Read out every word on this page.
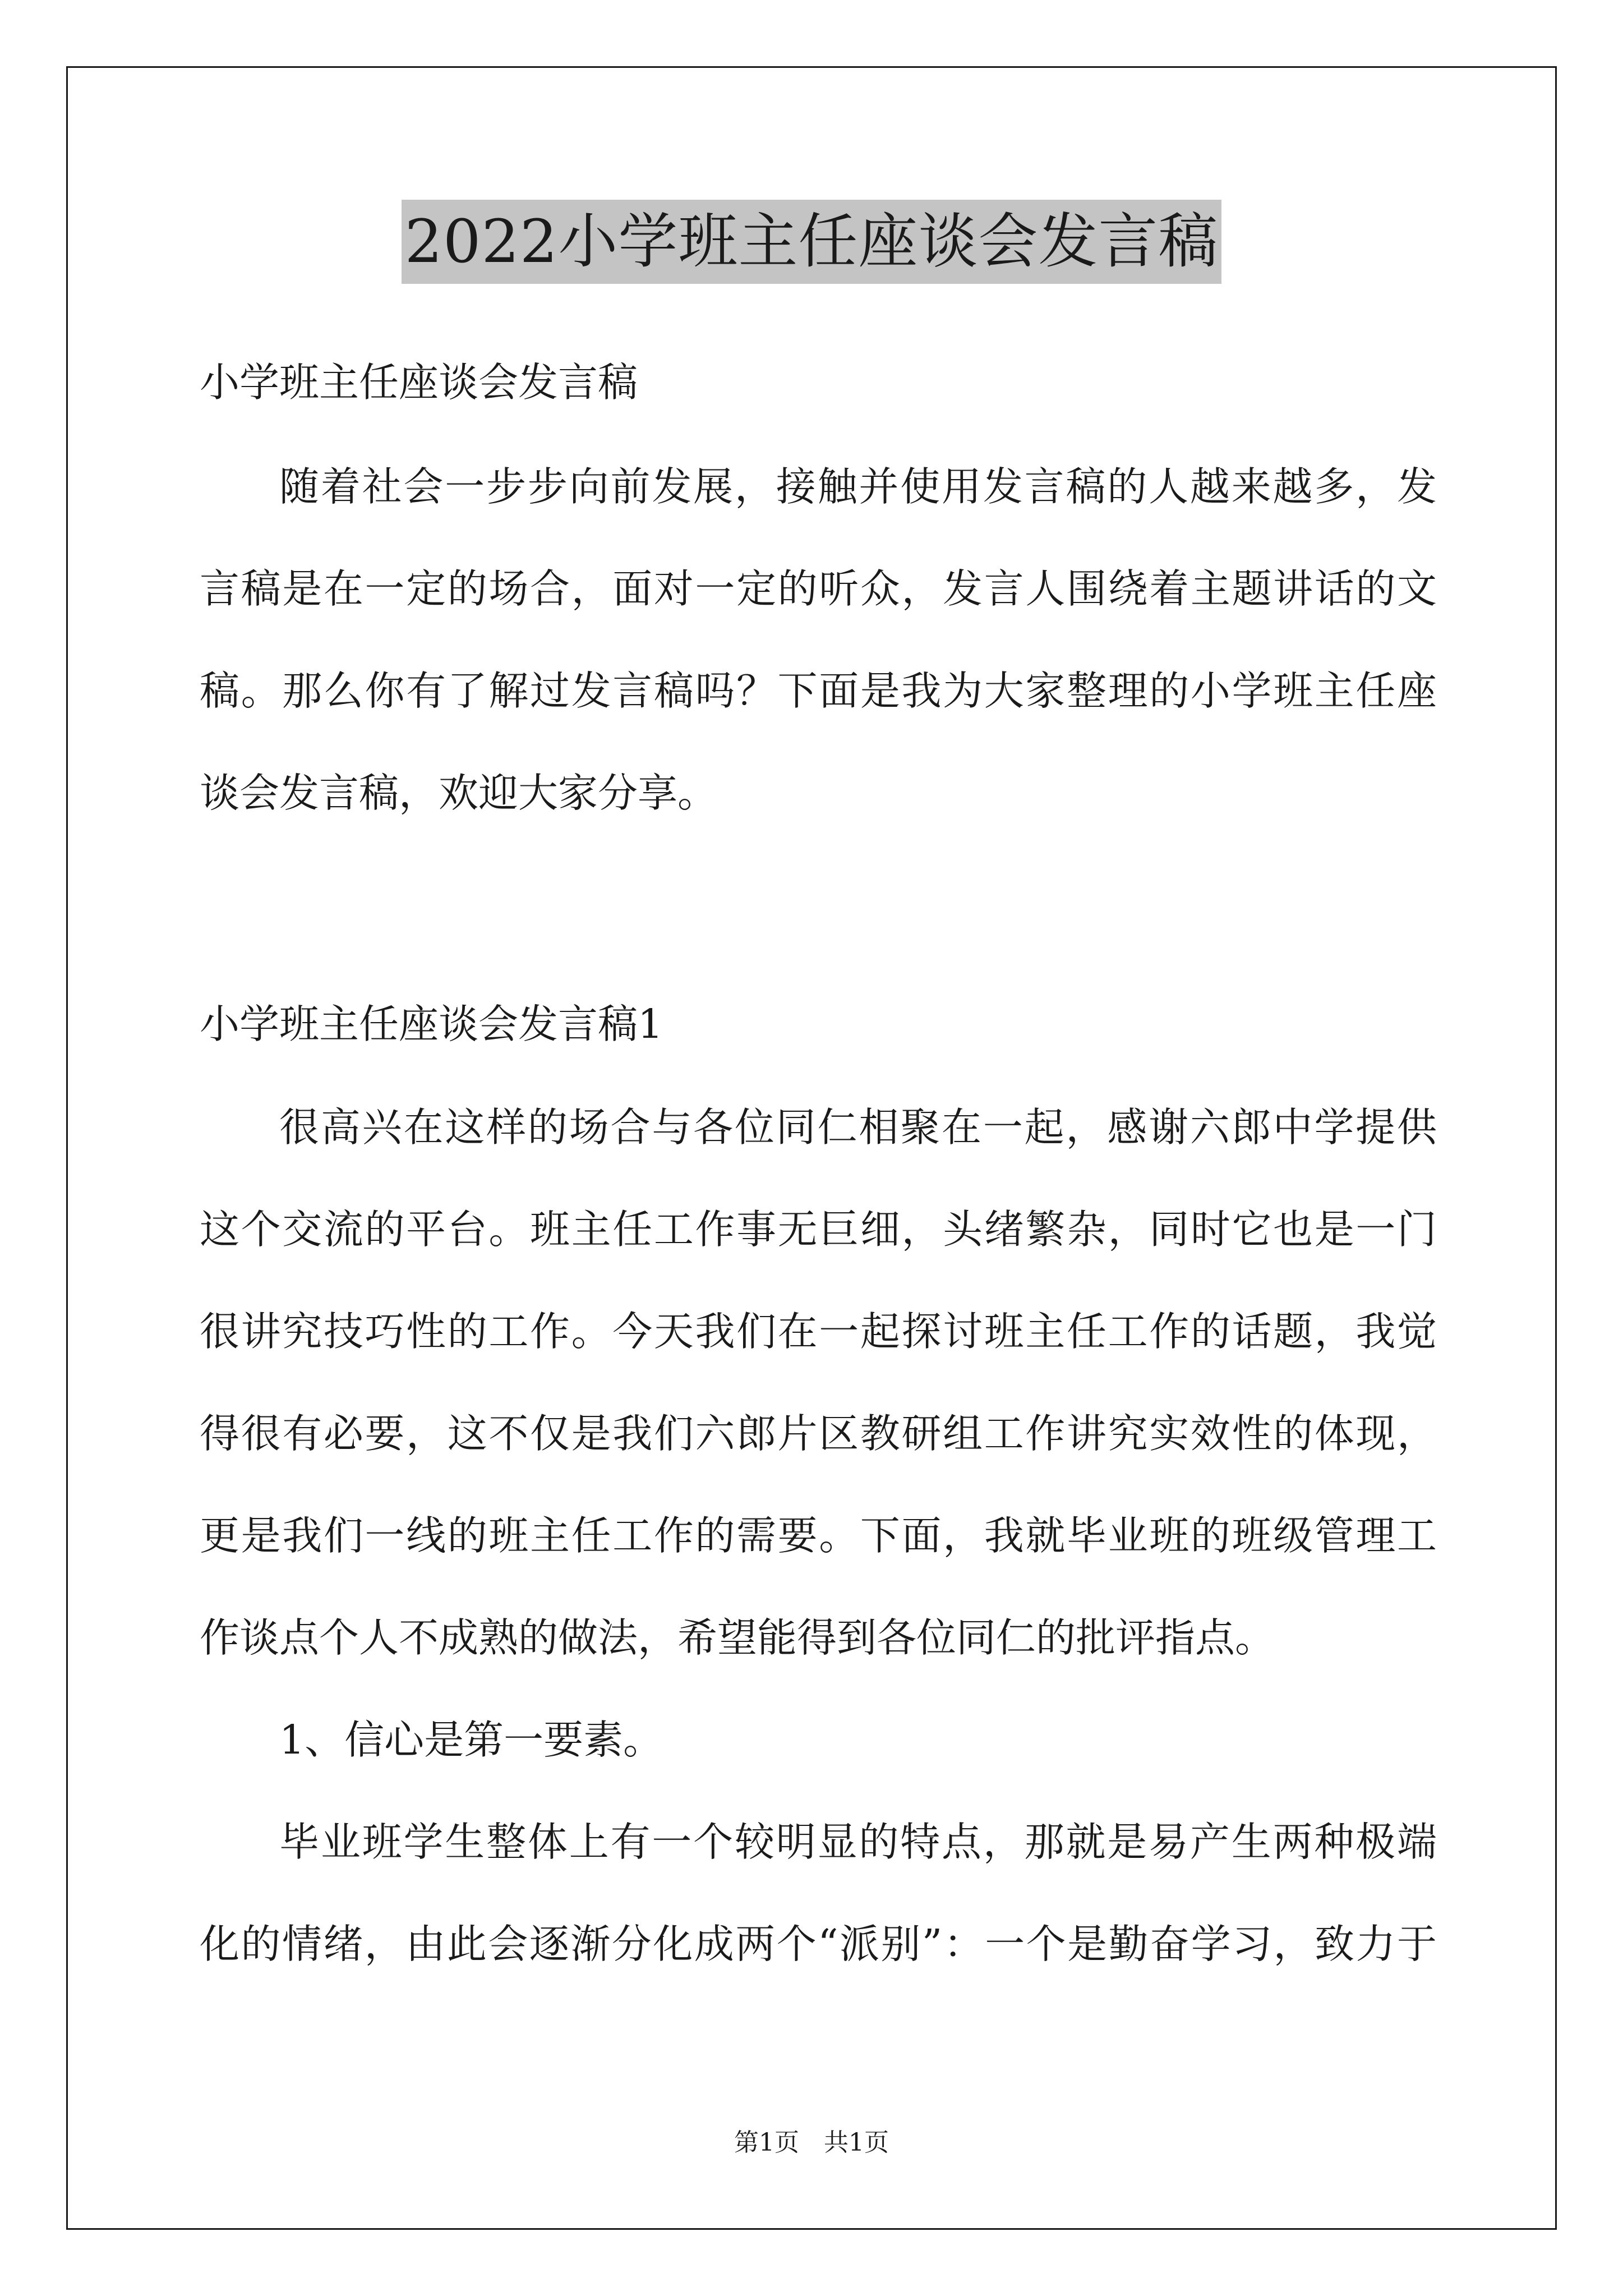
2022小学班主任座谈会发言稿
小学班主任座谈会发言稿
随着社会一步步向前发展，接触并使用发言稿的人越来越多，发
言稿是在一定的场合，面对一定的听众，发言人围绕着主题讲话的文
稿。那么你有了解过发言稿吗？下面是我为大家整理的小学班主任座
谈会发言稿，欢迎大家分享。
小学班主任座谈会发言稿1
很高兴在这样的场合与各位同仁相聚在一起，感谢六郎中学提供
这个交流的平台。班主任工作事无巨细，头绪繁杂，同时它也是一门
很讲究技巧性的工作。今天我们在一起探讨班主任工作的话题，我觉
得很有必要，这不仅是我们六郎片区教研组工作讲究实效性的体现，
更是我们一线的班主任工作的需要。下面，我就毕业班的班级管理工
作谈点个人不成熟的做法，希望能得到各位同仁的批评指点。
1、信心是第一要素。
毕业班学生整体上有一个较明显的特点，那就是易产生两种极端
化的情绪，由此会逐渐分化成两个“派别”：一个是勤奋学习，致力于
第1页　共1页
